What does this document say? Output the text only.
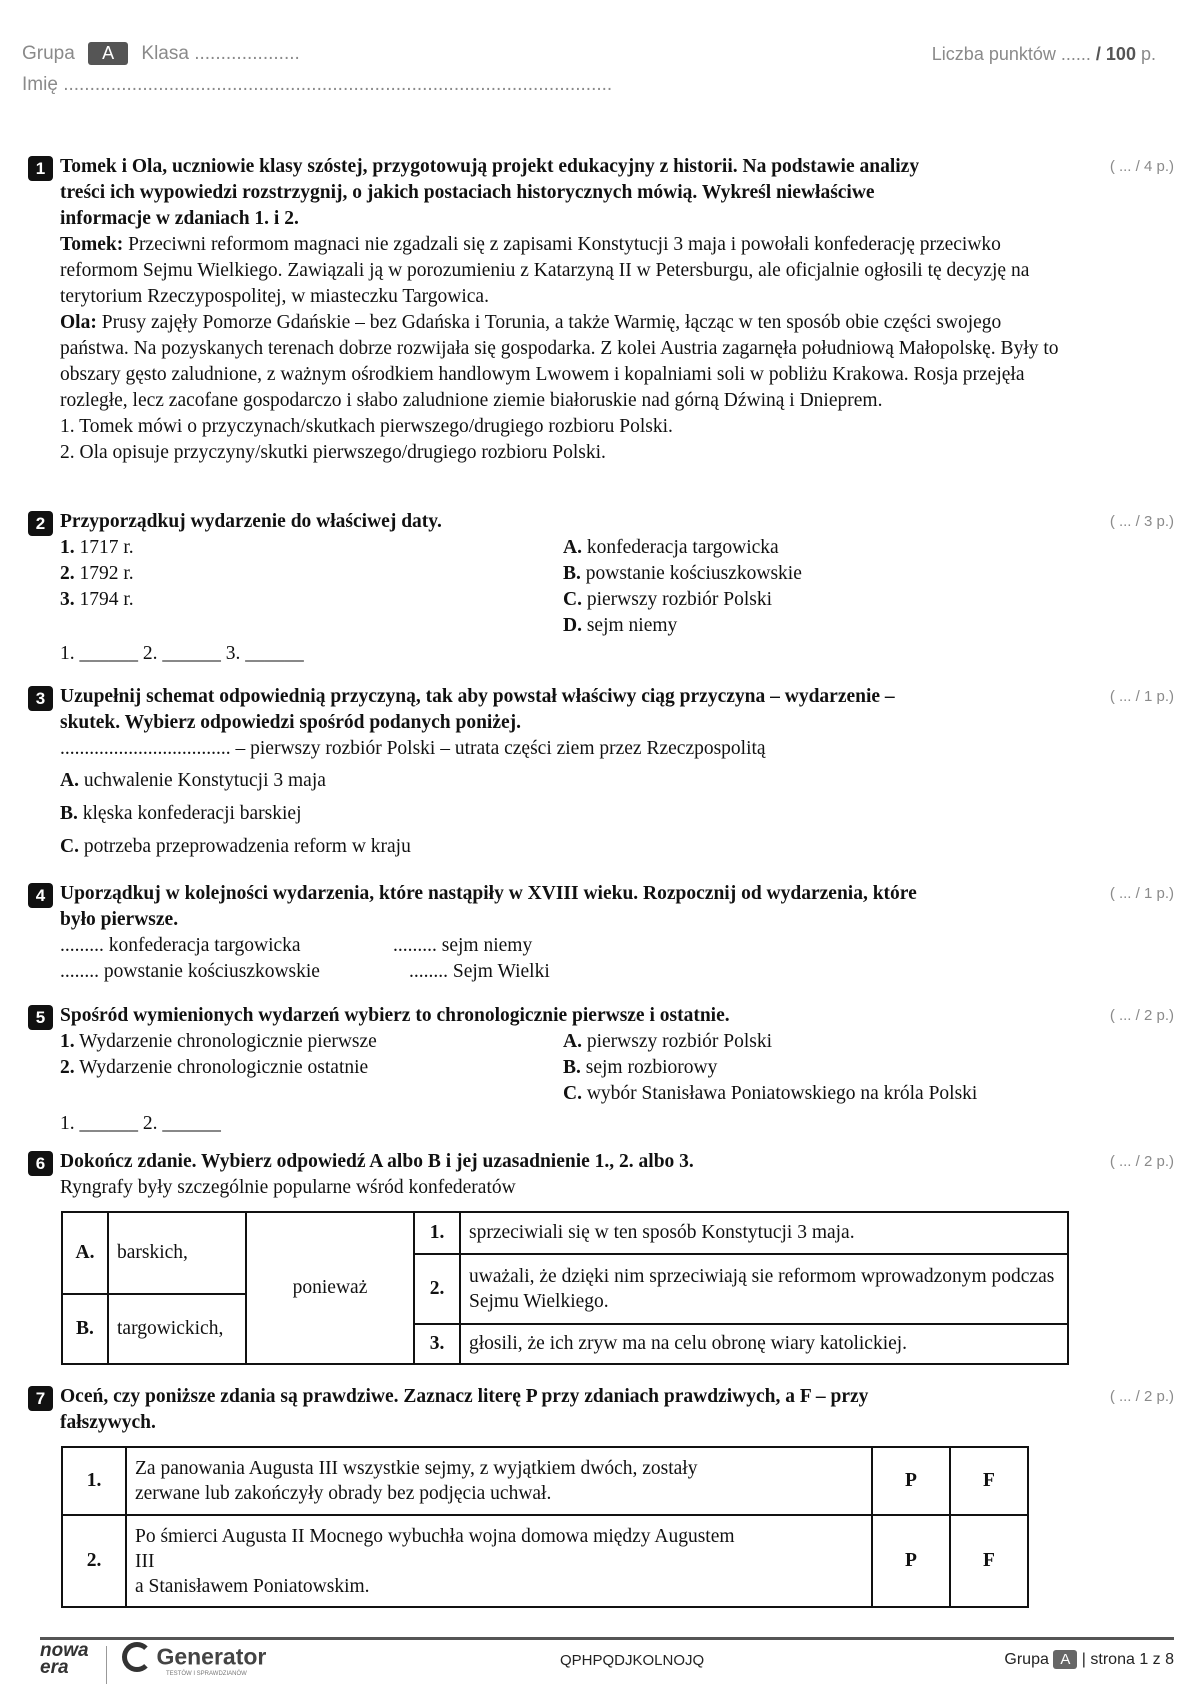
Grupa A Klasa ....................
Imię ........................................................................................................
Liczba punktów ...... / 100 p.
1	( ... / 4 p.)
Tomek i Ola, uczniowie klasy szóstej, przygotowują projekt edukacyjny z historii. Na podstawie analizy
treści ich wypowiedzi rozstrzygnij, o jakich postaciach historycznych mówią. Wykreśl niewłaściwe
informacje w zdaniach 1. i 2.
Tomek: Przeciwni reformom magnaci nie zgadzali się z zapisami Konstytucji 3 maja i powołali konfederację przeciwko reformom Sejmu Wielkiego. Zawiązali ją w porozumieniu z Katarzyną II w Petersburgu, ale oficjalnie ogłosili tę decyzję na terytorium Rzeczypospolitej, w miasteczku Targowica.
Ola: Prusy zajęły Pomorze Gdańskie – bez Gdańska i Torunia, a także Warmię, łącząc w ten sposób obie części swojego państwa. Na pozyskanych terenach dobrze rozwijała się gospodarka. Z kolei Austria zagarnęła południową Małopolskę. Były to obszary gęsto zaludnione, z ważnym ośrodkiem handlowym Lwowem i kopalniami soli w pobliżu Krakowa. Rosja przejęła rozległe, lecz zacofane gospodarczo i słabo zaludnione ziemie białoruskie nad górną Dźwiną i Dnieprem.
1. Tomek mówi o przyczynach/skutkach pierwszego/drugiego rozbioru Polski.
2. Ola opisuje przyczyny/skutki pierwszego/drugiego rozbioru Polski.
2	( ... / 3 p.)
Przyporządkuj wydarzenie do właściwej daty.
1. 1717 r.	A. konfederacja targowicka
2. 1792 r.	B. powstanie kościuszkowskie
3. 1794 r.	C. pierwszy rozbiór Polski
D. sejm niemy
1. ______ 2. ______ 3. ______
3	( ... / 1 p.)
Uzupełnij schemat odpowiednią przyczyną, tak aby powstał właściwy ciąg przyczyna – wydarzenie –
skutek. Wybierz odpowiedzi spośród podanych poniżej.
................................... – pierwszy rozbiór Polski – utrata części ziem przez Rzeczpospolitą
A. uchwalenie Konstytucji 3 maja
B. klęska konfederacji barskiej
C. potrzeba przeprowadzenia reform w kraju
4	( ... / 1 p.)
Uporządkuj w kolejności wydarzenia, które nastąpiły w XVIII wieku. Rozpocznij od wydarzenia, które
było pierwsze.
......... konfederacja targowicka	......... sejm niemy
........ powstanie kościuszkowskie	........ Sejm Wielki
5	( ... / 2 p.)
Spośród wymienionych wydarzeń wybierz to chronologicznie pierwsze i ostatnie.
1. Wydarzenie chronologicznie pierwsze	A. pierwszy rozbiór Polski
2. Wydarzenie chronologicznie ostatnie	B. sejm rozbiorowy
C. wybór Stanisława Poniatowskiego na króla Polski
1. ______ 2. ______
6	( ... / 2 p.)
Dokończ zdanie. Wybierz odpowiedź A albo B i jej uzasadnienie 1., 2. albo 3.
Ryngrafy były szczególnie popularne wśród konfederatów
A.	barskich,	ponieważ	1.	sprzeciwiali się w ten sposób Konstytucji 3 maja.
			2.	uważali, że dzięki nim sprzeciwiają sie reformom wprowadzonym podczas Sejmu Wielkiego.
B.	targowickich,			
			3.	głosili, że ich zryw ma na celu obronę wiary katolickiej.
7	( ... / 2 p.)
Oceń, czy poniższe zdania są prawdziwe. Zaznacz literę P przy zdaniach prawdziwych, a F – przy
fałszywych.
1.	Za panowania Augusta III wszystkie sejmy, z wyjątkiem dwóch, zostały
zerwane lub zakończyły obrady bez podjęcia uchwał.	P	F
2.	Po śmierci Augusta II Mocnego wybuchła wojna domowa między Augustem
III
a Stanisławem Poniatowskim.	P	F
nowa
era	Generator
TESTÓW I SPRAWDZIANÓW
QPHPQDJKOLNOJQ	Grupa A | strona 1 z 8
